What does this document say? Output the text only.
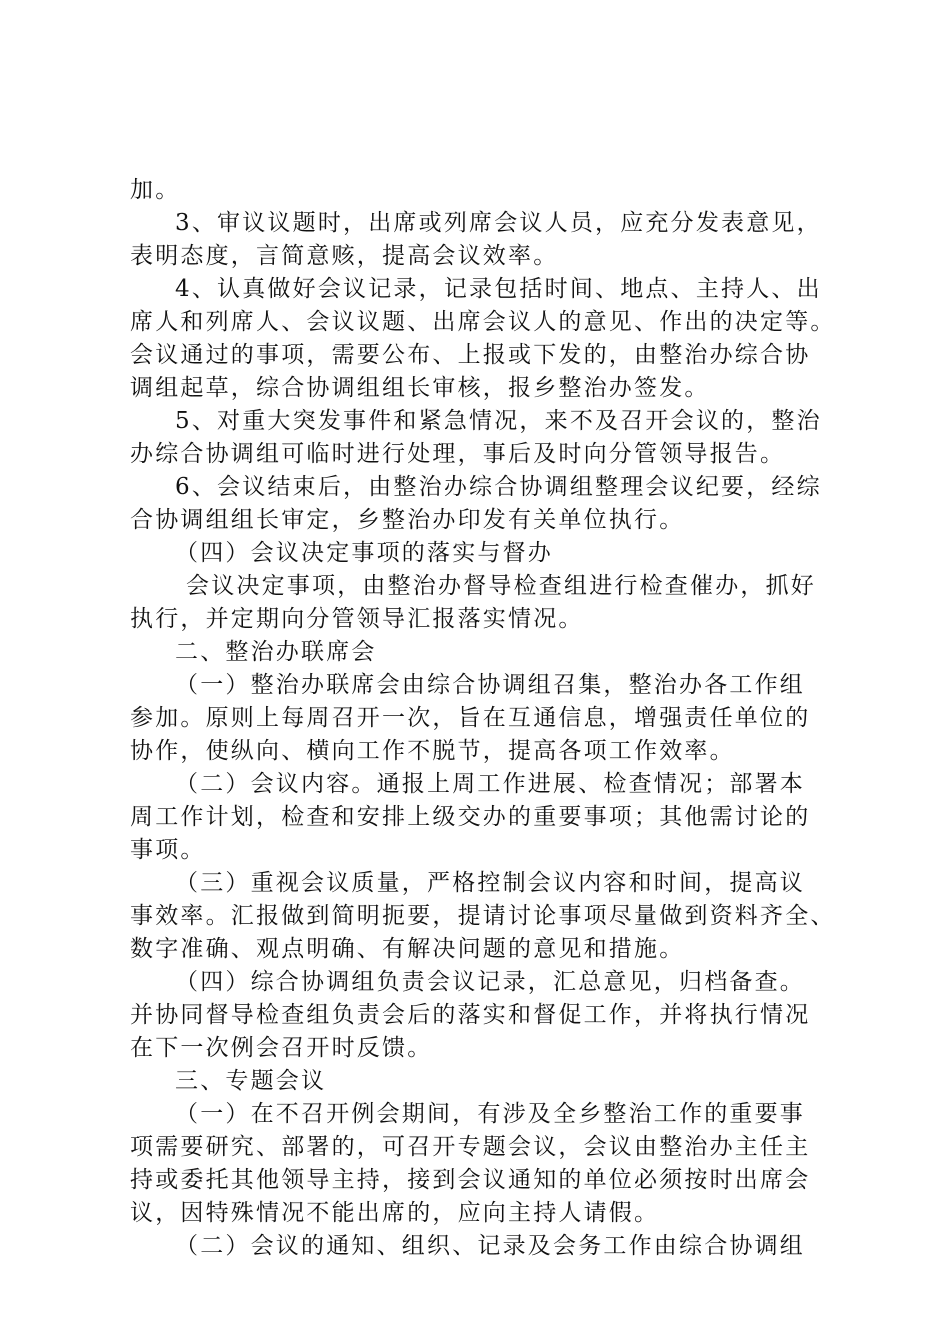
加。
3、审议议题时，出席或列席会议人员，应充分发表意见，
表明态度，言简意赅，提高会议效率。
4、认真做好会议记录，记录包括时间、地点、主持人、出
席人和列席人、会议议题、出席会议人的意见、作出的决定等。
会议通过的事项，需要公布、上报或下发的，由整治办综合协
调组起草，综合协调组组长审核，报乡整治办签发。
5、对重大突发事件和紧急情况，来不及召开会议的，整治
办综合协调组可临时进行处理，事后及时向分管领导报告。
6、会议结束后，由整治办综合协调组整理会议纪要，经综
合协调组组长审定，乡整治办印发有关单位执行。
（四）会议决定事项的落实与督办
会议决定事项，由整治办督导检查组进行检查催办，抓好
执行，并定期向分管领导汇报落实情况。
二、整治办联席会
（一）整治办联席会由综合协调组召集，整治办各工作组
参加。原则上每周召开一次，旨在互通信息，增强责任单位的
协作，使纵向、横向工作不脱节，提高各项工作效率。
（二）会议内容。通报上周工作进展、检查情况；部署本
周工作计划，检查和安排上级交办的重要事项；其他需讨论的
事项。
（三）重视会议质量，严格控制会议内容和时间，提高议
事效率。汇报做到简明扼要，提请讨论事项尽量做到资料齐全、
数字准确、观点明确、有解决问题的意见和措施。
（四）综合协调组负责会议记录，汇总意见，归档备查。
并协同督导检查组负责会后的落实和督促工作，并将执行情况
在下一次例会召开时反馈。
三、专题会议
（一）在不召开例会期间，有涉及全乡整治工作的重要事
项需要研究、部署的，可召开专题会议，会议由整治办主任主
持或委托其他领导主持，接到会议通知的单位必须按时出席会
议，因特殊情况不能出席的，应向主持人请假。
（二）会议的通知、组织、记录及会务工作由综合协调组
